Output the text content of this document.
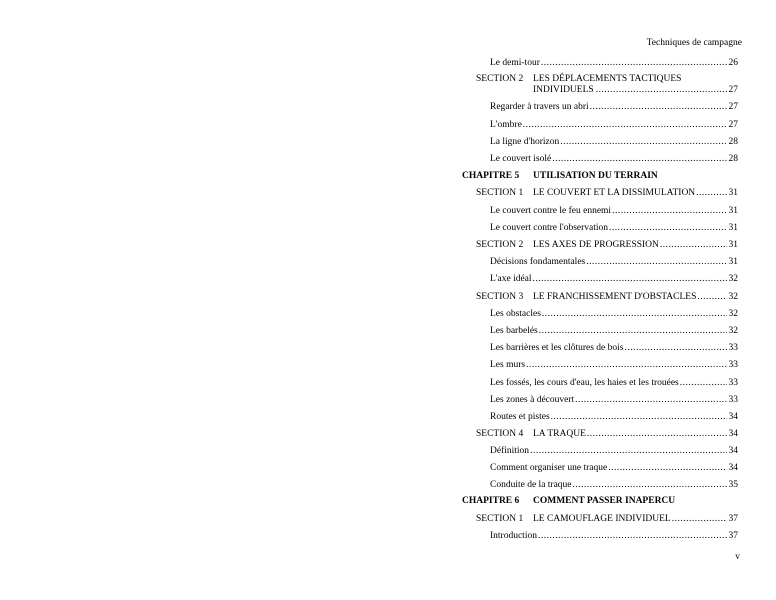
Techniques de campagne
Le demi-tour .....	26
SECTION 2 LES DÉPLACEMENTS TACTIQUES
INDIVIDUELS .....	27
Regarder à travers un abri .....	27
L'ombre .....	27
La ligne d'horizon .....	28
Le couvert isolé .....	28
CHAPITRE 5 UTILISATION DU TERRAIN
SECTION 1 LE COUVERT ET LA DISSIMULATION .....	31
Le couvert contre le feu ennemi .....	31
Le couvert contre l'observation .....	31
SECTION 2 LES AXES DE PROGRESSION .....	31
Décisions fondamentales .....	31
L'axe idéal .....	32
SECTION 3 LE FRANCHISSEMENT D'OBSTACLES .....	32
Les obstacles .....	32
Les barbelés .....	32
Les barrières et les clôtures de bois .....	33
Les murs .....	33
Les fossés, les cours d'eau, les haies et les trouées .....	33
Les zones à découvert .....	33
Routes et pistes .....	34
SECTION 4 LA TRAQUE .....	34
Définition .....	34
Comment organiser une traque .....	34
Conduite de la traque .....	35
CHAPITRE 6 COMMENT PASSER INAPERCU
SECTION 1 LE CAMOUFLAGE INDIVIDUEL .....	37
Introduction .....	37
v
